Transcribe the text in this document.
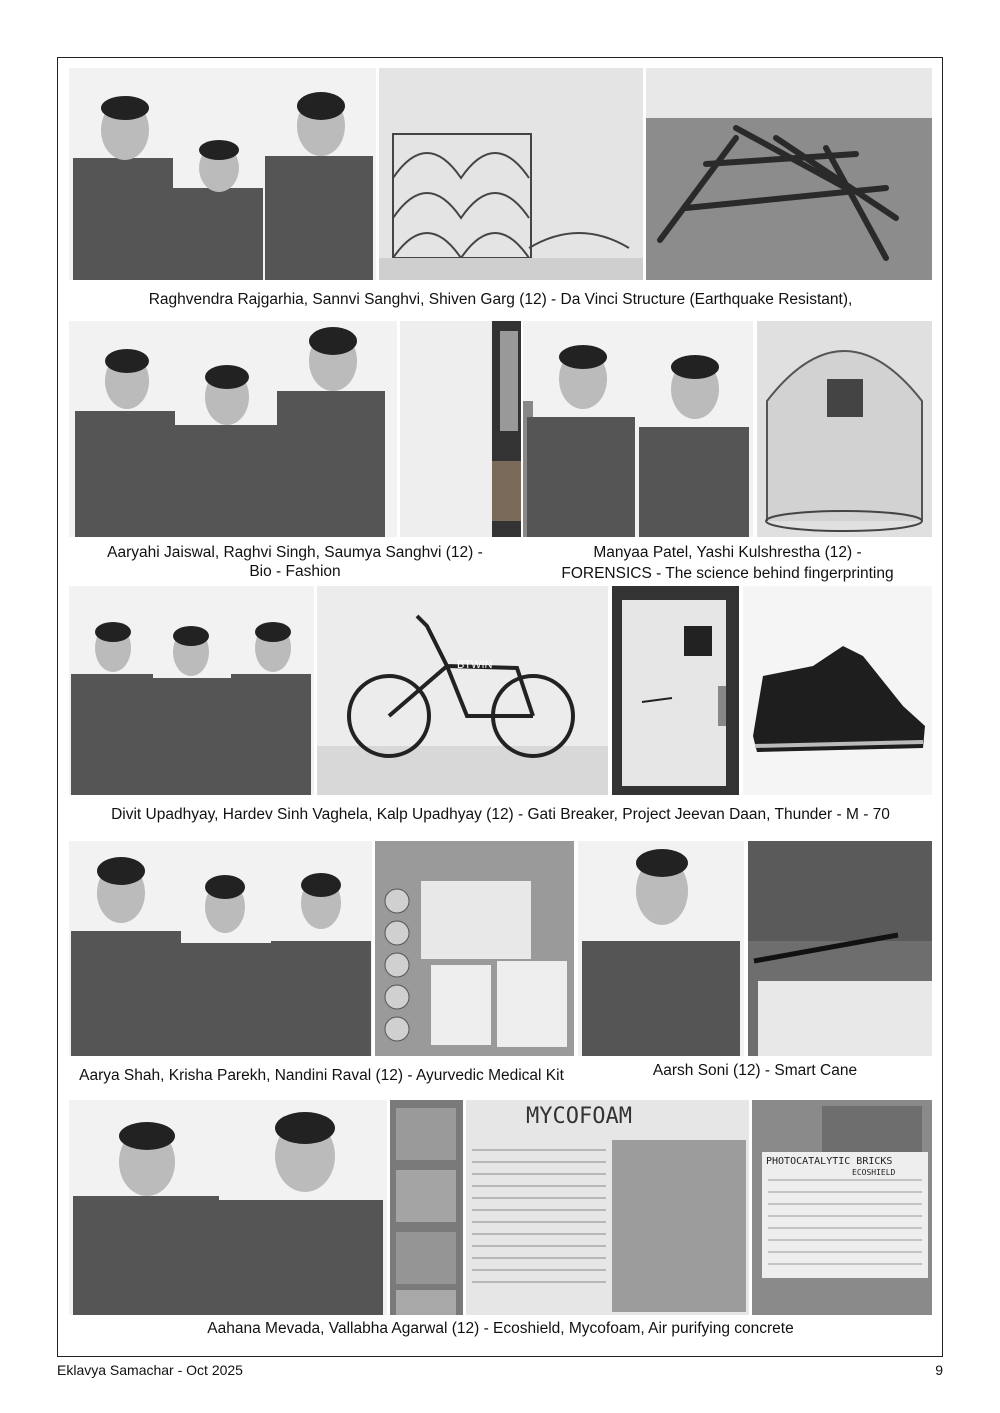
Raghvendra Rajgarhia, Sannvi Sanghvi, Shiven Garg (12) - Da Vinci Structure (Earthquake Resistant),
Aaryahi Jaiswal, Raghvi Singh, Saumya Sanghvi (12) -
Bio - Fashion
Manyaa Patel, Yashi Kulshrestha (12) -
FORENSICS - The science behind fingerprinting
BTWIN
Divit Upadhyay, Hardev Sinh Vaghela, Kalp Upadhyay (12) - Gati Breaker, Project Jeevan Daan, Thunder - M - 70
Aarya Shah, Krisha Parekh, Nandini Raval (12) - Ayurvedic Medical Kit	Aarsh Soni (12) - Smart Cane
MYCOFOAM
PHOTOCATALYTIC BRICKS
ECOSHIELD
Aahana Mevada, Vallabha Agarwal (12) - Ecoshield, Mycofoam, Air purifying concrete
Eklavya Samachar - Oct 2025	9
